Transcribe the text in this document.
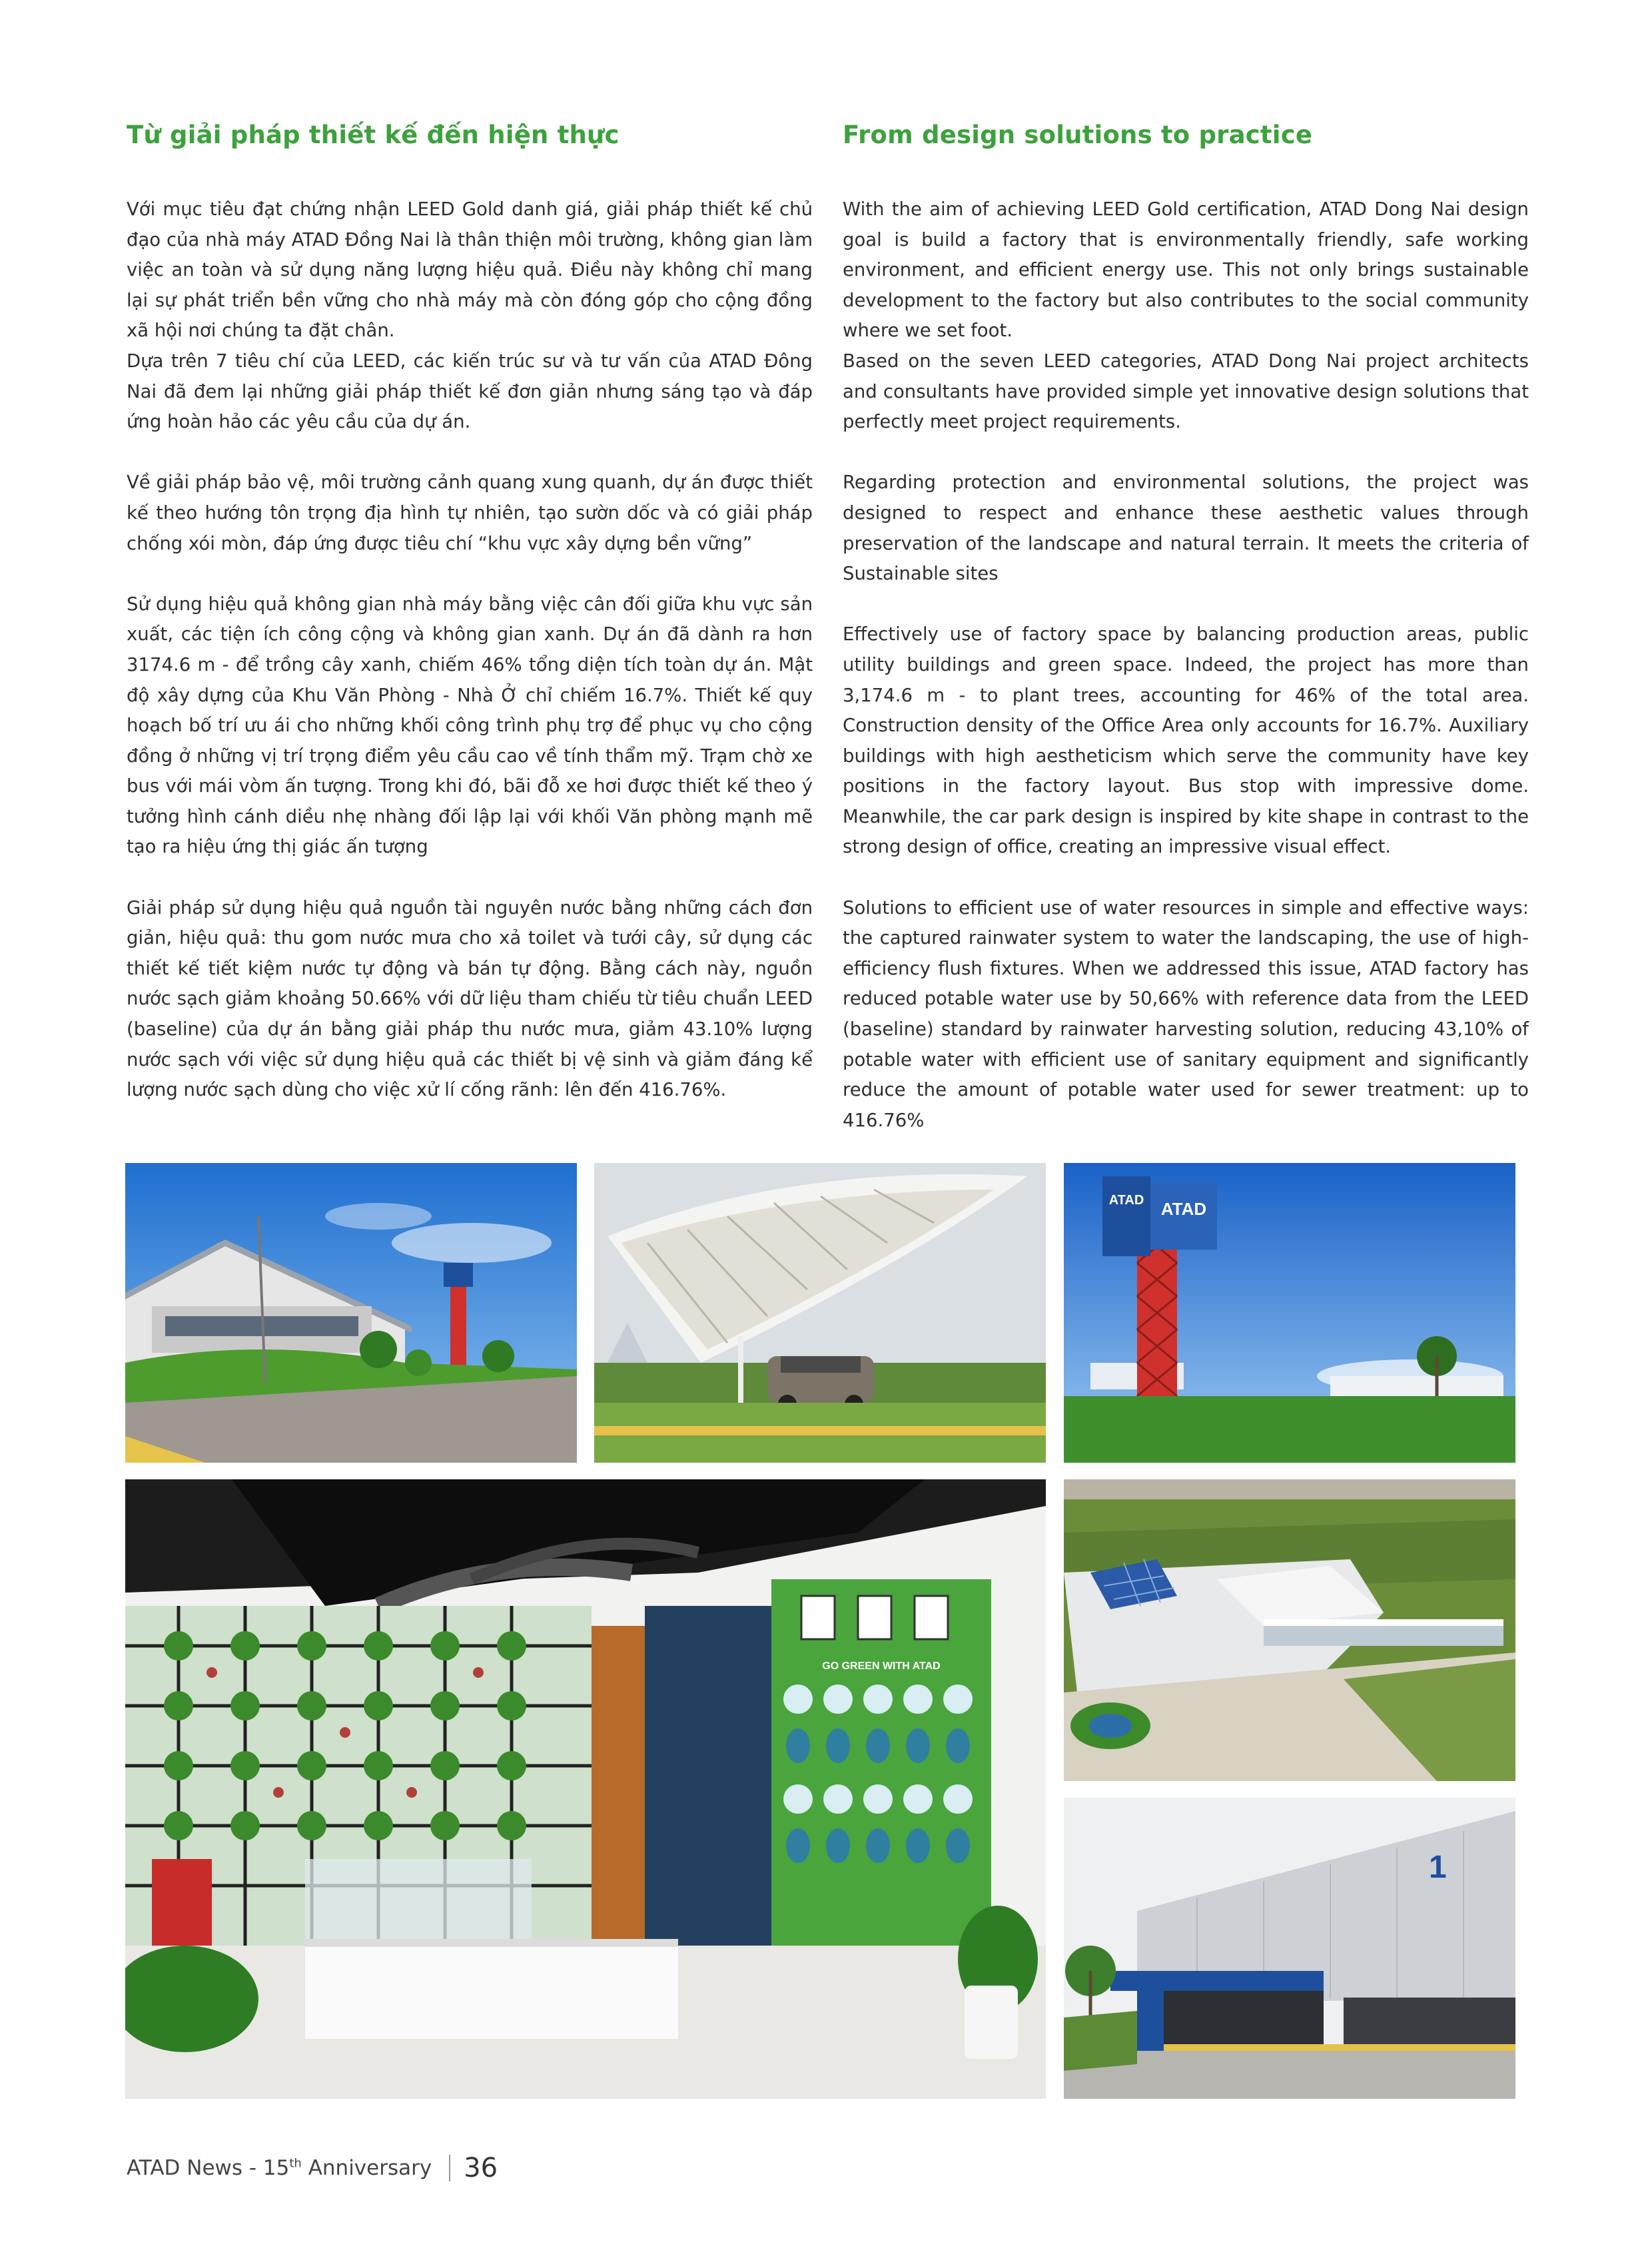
Từ giải pháp thiết kế đến hiện thực

Với mục tiêu đạt chứng nhận LEED Gold danh giá, giải pháp thiết kế chủ đạo của nhà máy ATAD Đồng Nai là thân thiện môi trường, không gian làm việc an toàn và sử dụng năng lượng hiệu quả. Điều này không chỉ mang lại sự phát triển bền vững cho nhà máy mà còn đóng góp cho cộng đồng xã hội nơi chúng ta đặt chân.

Dựa trên 7 tiêu chí của LEED, các kiến trúc sư và tư vấn của ATAD Đông Nai đã đem lại những giải pháp thiết kế đơn giản nhưng sáng tạo và đáp ứng hoàn hảo các yêu cầu của dự án.

Về giải pháp bảo vệ, môi trường cảnh quang xung quanh, dự án được thiết kế theo hướng tôn trọng địa hình tự nhiên, tạo sườn dốc và có giải pháp chống xói mòn, đáp ứng được tiêu chí “khu vực xây dựng bền vững”

Sử dụng hiệu quả không gian nhà máy bằng việc cân đối giữa khu vực sản xuất, các tiện ích công cộng và không gian xanh. Dự án đã dành ra hơn 3174.6 m - để trồng cây xanh, chiếm 46% tổng diện tích toàn dự án. Mật độ xây dựng của Khu Văn Phòng - Nhà Ở chỉ chiếm 16.7%. Thiết kế quy hoạch bố trí ưu ái cho những khối công trình phụ trợ để phục vụ cho cộng đồng ở những vị trí trọng điểm yêu cầu cao về tính thẩm mỹ. Trạm chờ xe bus với mái vòm ấn tượng. Trong khi đó, bãi đỗ xe hơi được thiết kế theo ý tưởng hình cánh diều nhẹ nhàng đối lập lại với khối Văn phòng mạnh mẽ tạo ra hiệu ứng thị giác ấn tượng

Giải pháp sử dụng hiệu quả nguồn tài nguyên nước bằng những cách đơn giản, hiệu quả: thu gom nước mưa cho xả toilet và tưới cây, sử dụng các thiết kế tiết kiệm nước tự động và bán tự động. Bằng cách này, nguồn nước sạch giảm khoảng 50.66% với dữ liệu tham chiếu từ tiêu chuẩn LEED (baseline) của dự án bằng giải pháp thu nước mưa, giảm 43.10% lượng nước sạch với việc sử dụng hiệu quả các thiết bị vệ sinh và giảm đáng kể lượng nước sạch dùng cho việc xử lí cống rãnh: lên đến 416.76%.

From design solutions to practice

With the aim of achieving LEED Gold certification, ATAD Dong Nai design goal is build a factory that is environmentally friendly, safe working environment, and efficient energy use. This not only brings sustainable development to the factory but also contributes to the social community where we set foot.

Based on the seven LEED categories, ATAD Dong Nai project architects and consultants have provided simple yet innovative design solutions that perfectly meet project requirements.

Regarding protection and environmental solutions, the project was designed to respect and enhance these aesthetic values through preservation of the landscape and natural terrain. It meets the criteria of Sustainable sites

Effectively use of factory space by balancing production areas, public utility buildings and green space. Indeed, the project has more than 3,174.6 m - to plant trees, accounting for 46% of the total area. Construction density of the Office Area only accounts for 16.7%. Auxiliary buildings with high aestheticism which serve the community have key positions in the factory layout. Bus stop with impressive dome. Meanwhile, the car park design is inspired by kite shape in contrast to the strong design of office, creating an impressive visual effect.

Solutions to efficient use of water resources in simple and effective ways: the captured rainwater system to water the landscaping, the use of high-efficiency flush fixtures. When we addressed this issue, ATAD factory has reduced potable water use by 50,66% with reference data from the LEED (baseline) standard by rainwater harvesting solution, reducing 43,10% of potable water with efficient use of sanitary equipment and significantly reduce the amount of potable water used for sewer treatment: up to 416.76%

ATAD ATAD
GO GREEN WITH ATAD
1
ATAD News - 15th Anniversary 36
